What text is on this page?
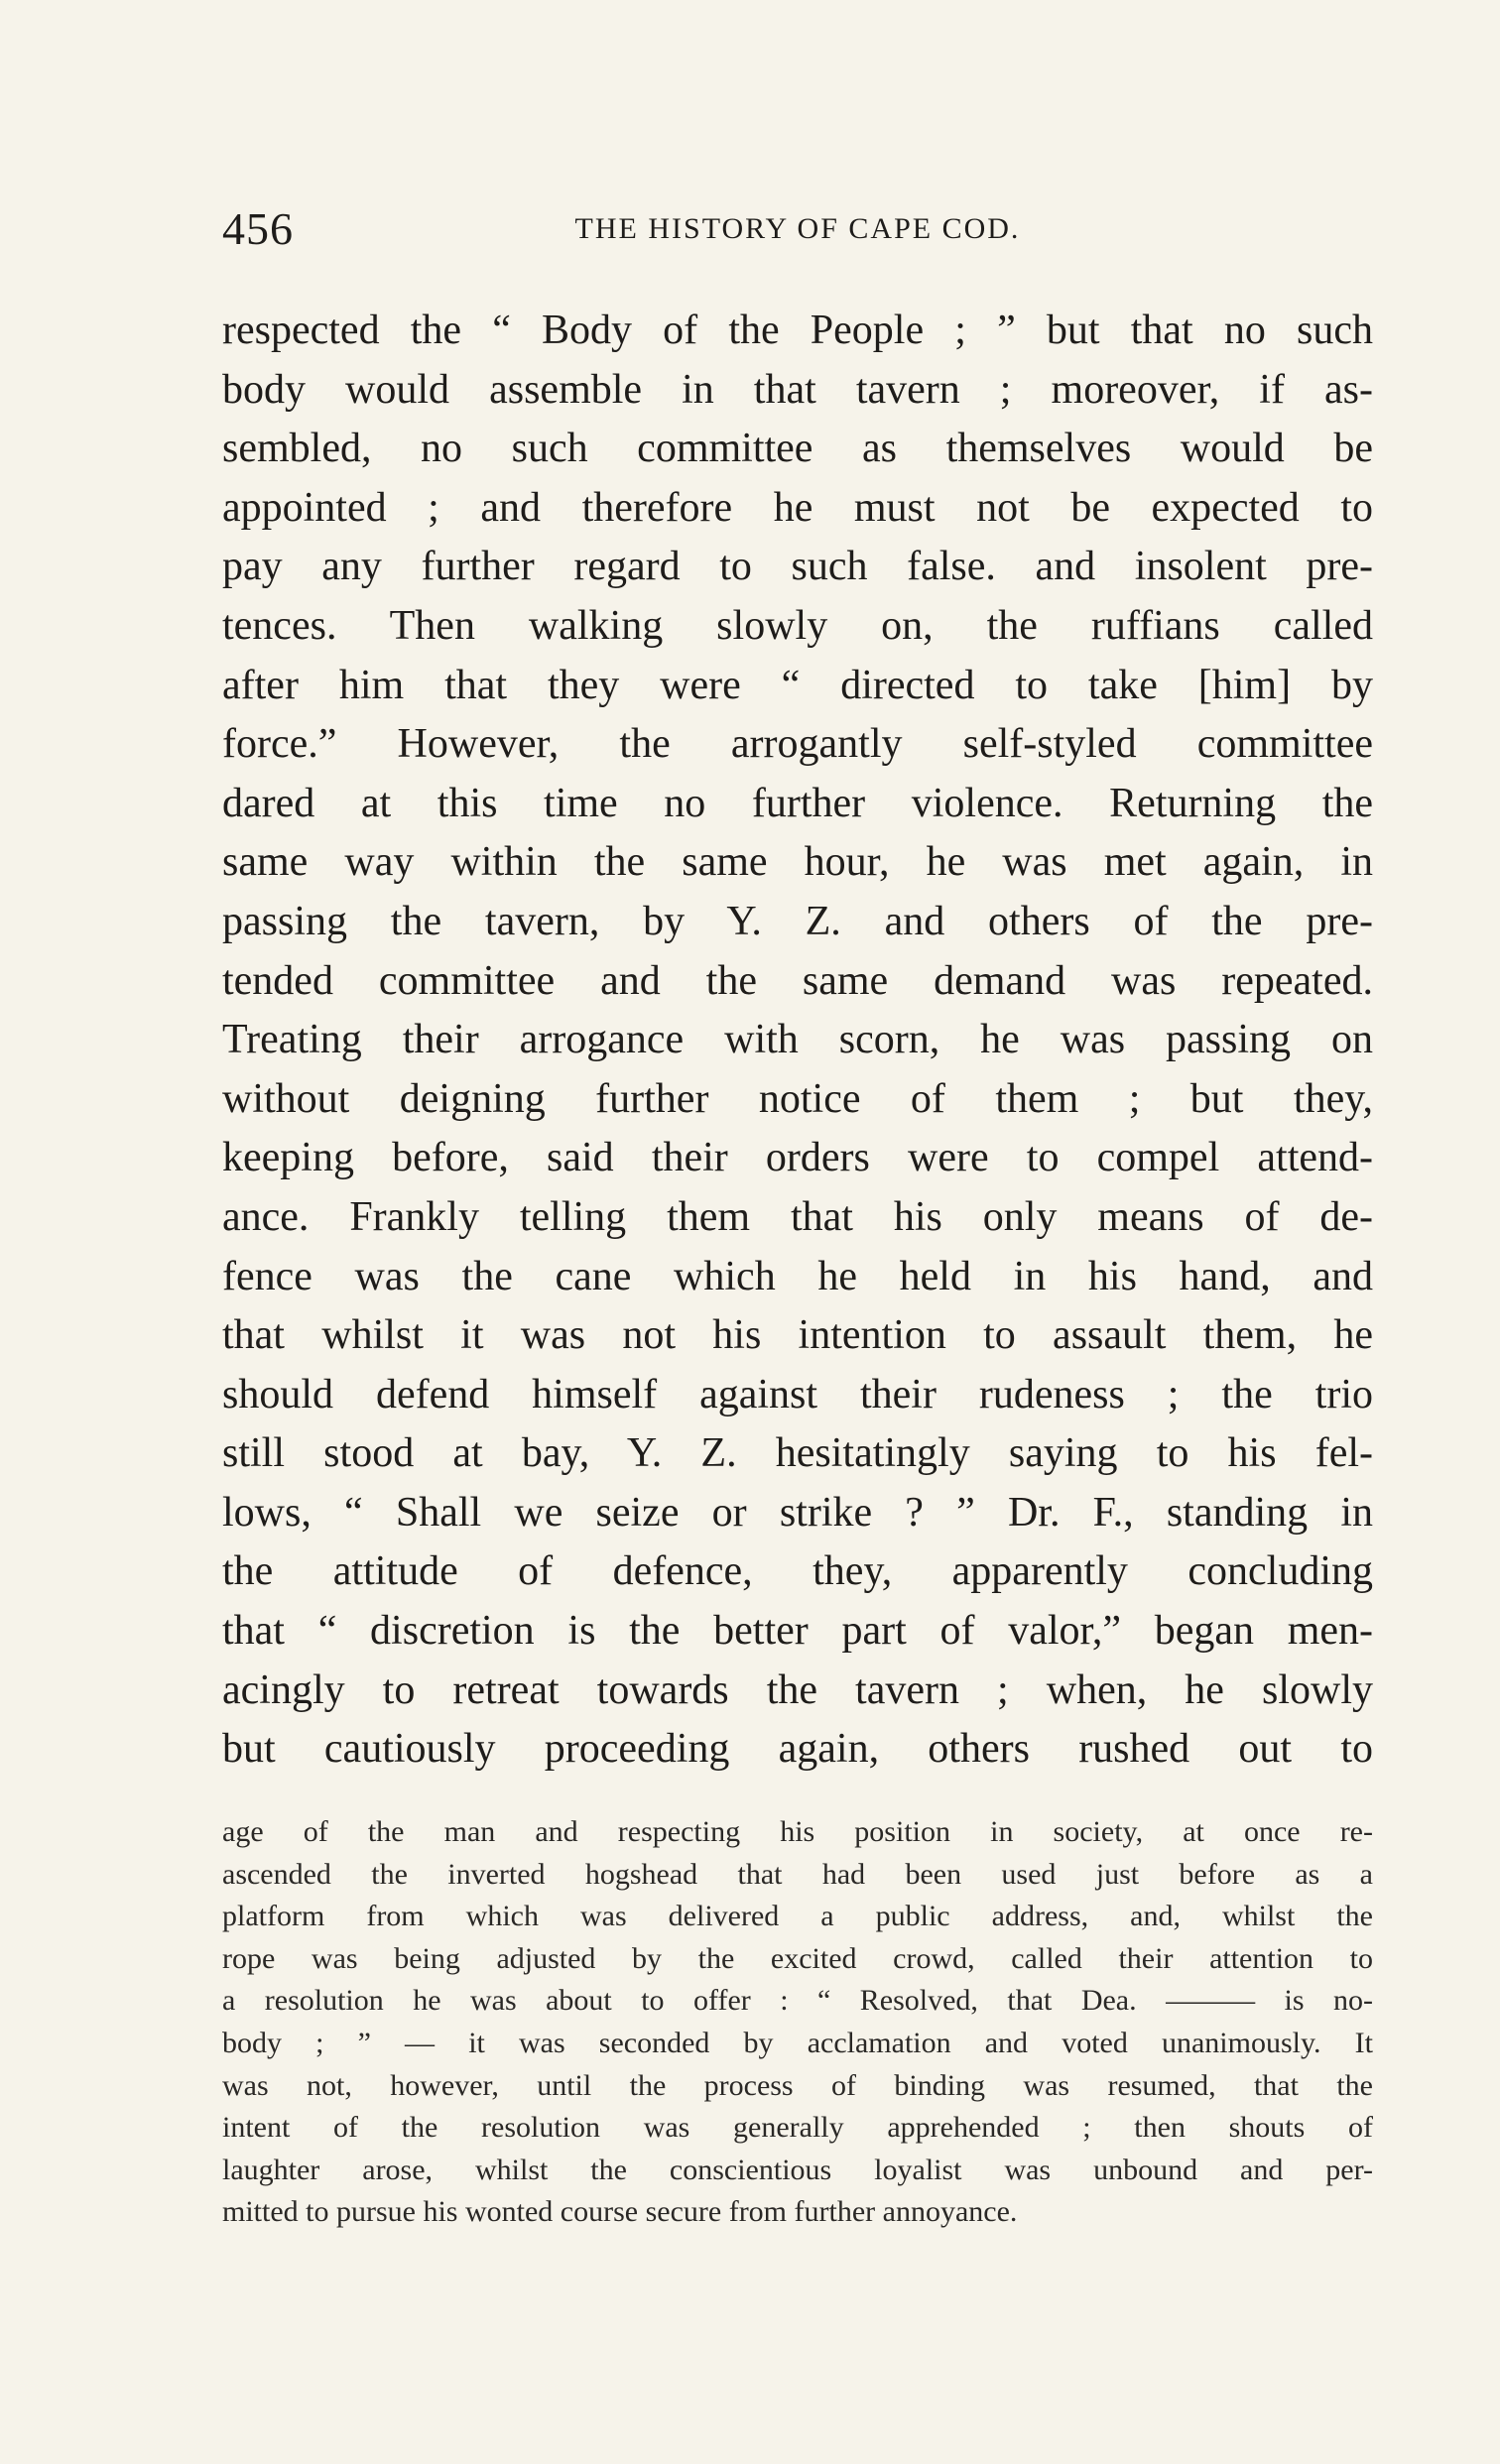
456	THE HISTORY OF CAPE COD.
respected the “ Body of the People ; ” but that no such
body would assemble in that tavern ; moreover, if as-
sembled, no such committee as themselves would be
appointed ; and therefore he must not be expected to
pay any further regard to such false. and insolent pre-
tences. Then walking slowly on, the ruffians called
after him that they were “ directed to take [him] by
force.” However, the arrogantly self-styled committee
dared at this time no further violence. Returning the
same way within the same hour, he was met again, in
passing the tavern, by Y. Z. and others of the pre-
tended committee and the same demand was repeated.
Treating their arrogance with scorn, he was passing on
without deigning further notice of them ; but they,
keeping before, said their orders were to compel attend-
ance. Frankly telling them that his only means of de-
fence was the cane which he held in his hand, and
that whilst it was not his intention to assault them, he
should defend himself against their rudeness ; the trio
still stood at bay, Y. Z. hesitatingly saying to his fel-
lows, “ Shall we seize or strike ? ” Dr. F., standing in
the attitude of defence, they, apparently concluding
that “ discretion is the better part of valor,” began men-
acingly to retreat towards the tavern ; when, he slowly
but cautiously proceeding again, others rushed out to
age of the man and respecting his position in society, at once re-
ascended the inverted hogshead that had been used just before as a
platform from which was delivered a public address, and, whilst the
rope was being adjusted by the excited crowd, called their attention to
a resolution he was about to offer : “ Resolved, that Dea. ——— is no-
body ; ” — it was seconded by acclamation and voted unanimously. It
was not, however, until the process of binding was resumed, that the
intent of the resolution was generally apprehended ; then shouts of
laughter arose, whilst the conscientious loyalist was unbound and per-
mitted to pursue his wonted course secure from further annoyance.
